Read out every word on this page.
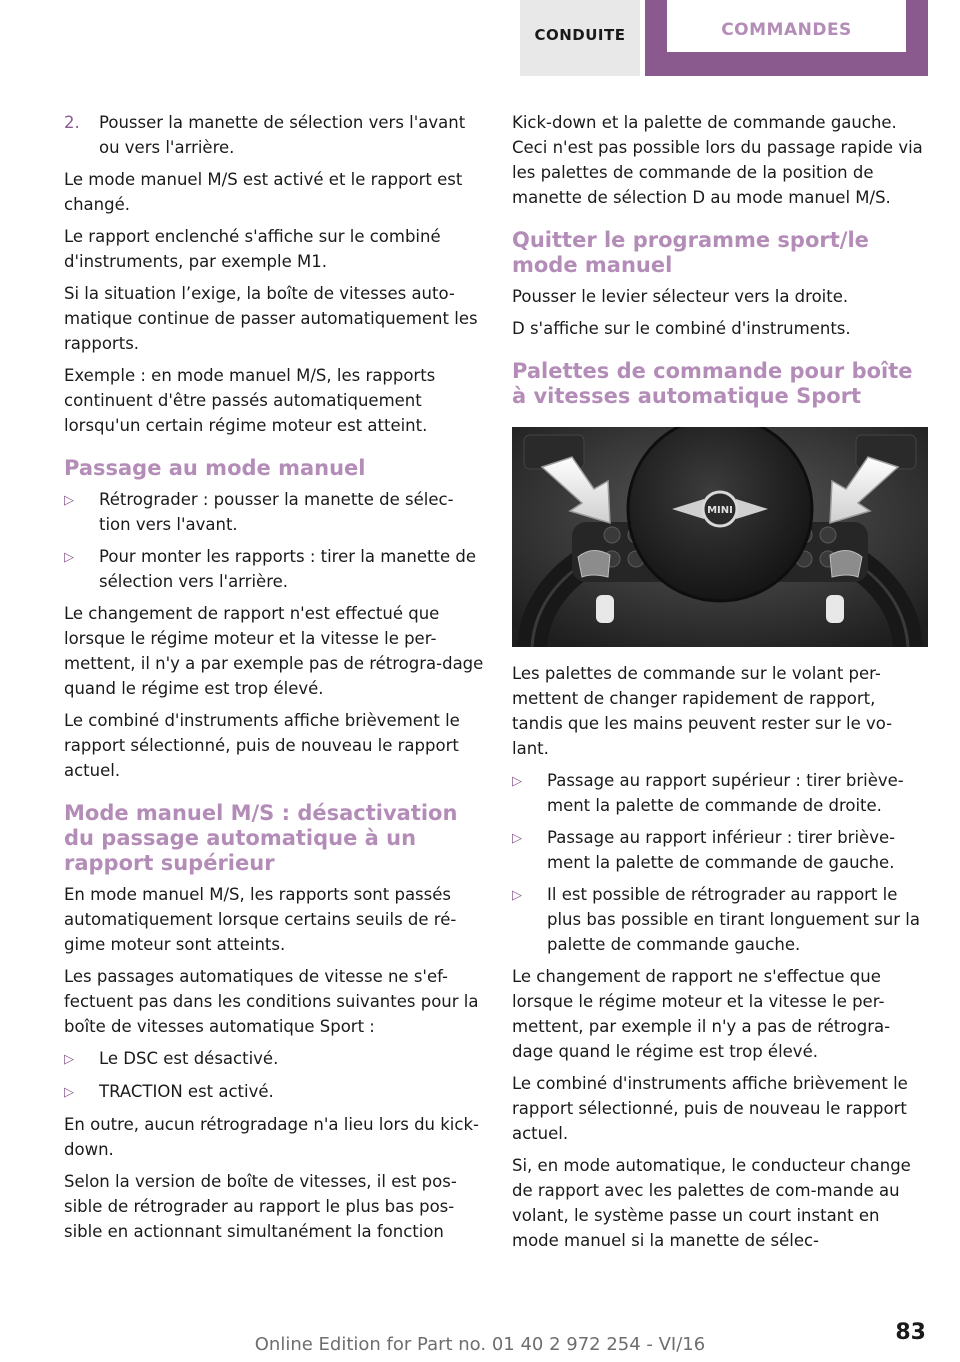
CONDUITE	COMMANDES
2.	Pousser la manette de sélection vers l'avant ou vers l'arrière.

Le mode manuel M/S est activé et le rapport est changé.

Le rapport enclenché s'affiche sur le combiné d'instruments, par exemple M1.

Si la situation l’exige, la boîte de vitesses auto-matique continue de passer automatiquement les rapports.

Exemple : en mode manuel M/S, les rapports continuent d'être passés automatiquement lorsqu'un certain régime moteur est atteint.

Passage au mode manuel
▷	Rétrograder : pousser la manette de sélec-tion vers l'avant.
▷	Pour monter les rapports : tirer la manette de sélection vers l'arrière.

Le changement de rapport n'est effectué que lorsque le régime moteur et la vitesse le per-mettent, il n'y a par exemple pas de rétrogra-dage quand le régime est trop élevé.

Le combiné d'instruments affiche brièvement le rapport sélectionné, puis de nouveau le rapport actuel.

Mode manuel M/S : désactivation du passage automatique à un rapport supérieur

En mode manuel M/S, les rapports sont passés automatiquement lorsque certains seuils de ré-gime moteur sont atteints.

Les passages automatiques de vitesse ne s'ef-fectuent pas dans les conditions suivantes pour la boîte de vitesses automatique Sport :

▷	Le DSC est désactivé.
▷	TRACTION est activé.

En outre, aucun rétrogradage n'a lieu lors du kick-down.

Selon la version de boîte de vitesses, il est pos-sible de rétrograder au rapport le plus bas pos-sible en actionnant simultanément la fonction

Kick-down et la palette de commande gauche. Ceci n'est pas possible lors du passage rapide via les palettes de commande de la position de manette de sélection D au mode manuel M/S.

Quitter le programme sport/le mode manuel

Pousser le levier sélecteur vers la droite.

D s'affiche sur le combiné d'instruments.

Palettes de commande pour boîte à vitesses automatique Sport
MINI

Les palettes de commande sur le volant per-mettent de changer rapidement de rapport, tandis que les mains peuvent rester sur le vo-lant.

▷	Passage au rapport supérieur : tirer briève-ment la palette de commande de droite.
▷	Passage au rapport inférieur : tirer briève-ment la palette de commande de gauche.
▷	Il est possible de rétrograder au rapport le plus bas possible en tirant longuement sur la palette de commande gauche.

Le changement de rapport ne s'effectue que lorsque le régime moteur et la vitesse le per-mettent, par exemple il n'y a pas de rétrogra-dage quand le régime est trop élevé.

Le combiné d'instruments affiche brièvement le rapport sélectionné, puis de nouveau le rapport actuel.

Si, en mode automatique, le conducteur change de rapport avec les palettes de com-mande au volant, le système passe un court instant en mode manuel si la manette de sélec-

Online Edition for Part no. 01 40 2 972 254 - VI/16	83
